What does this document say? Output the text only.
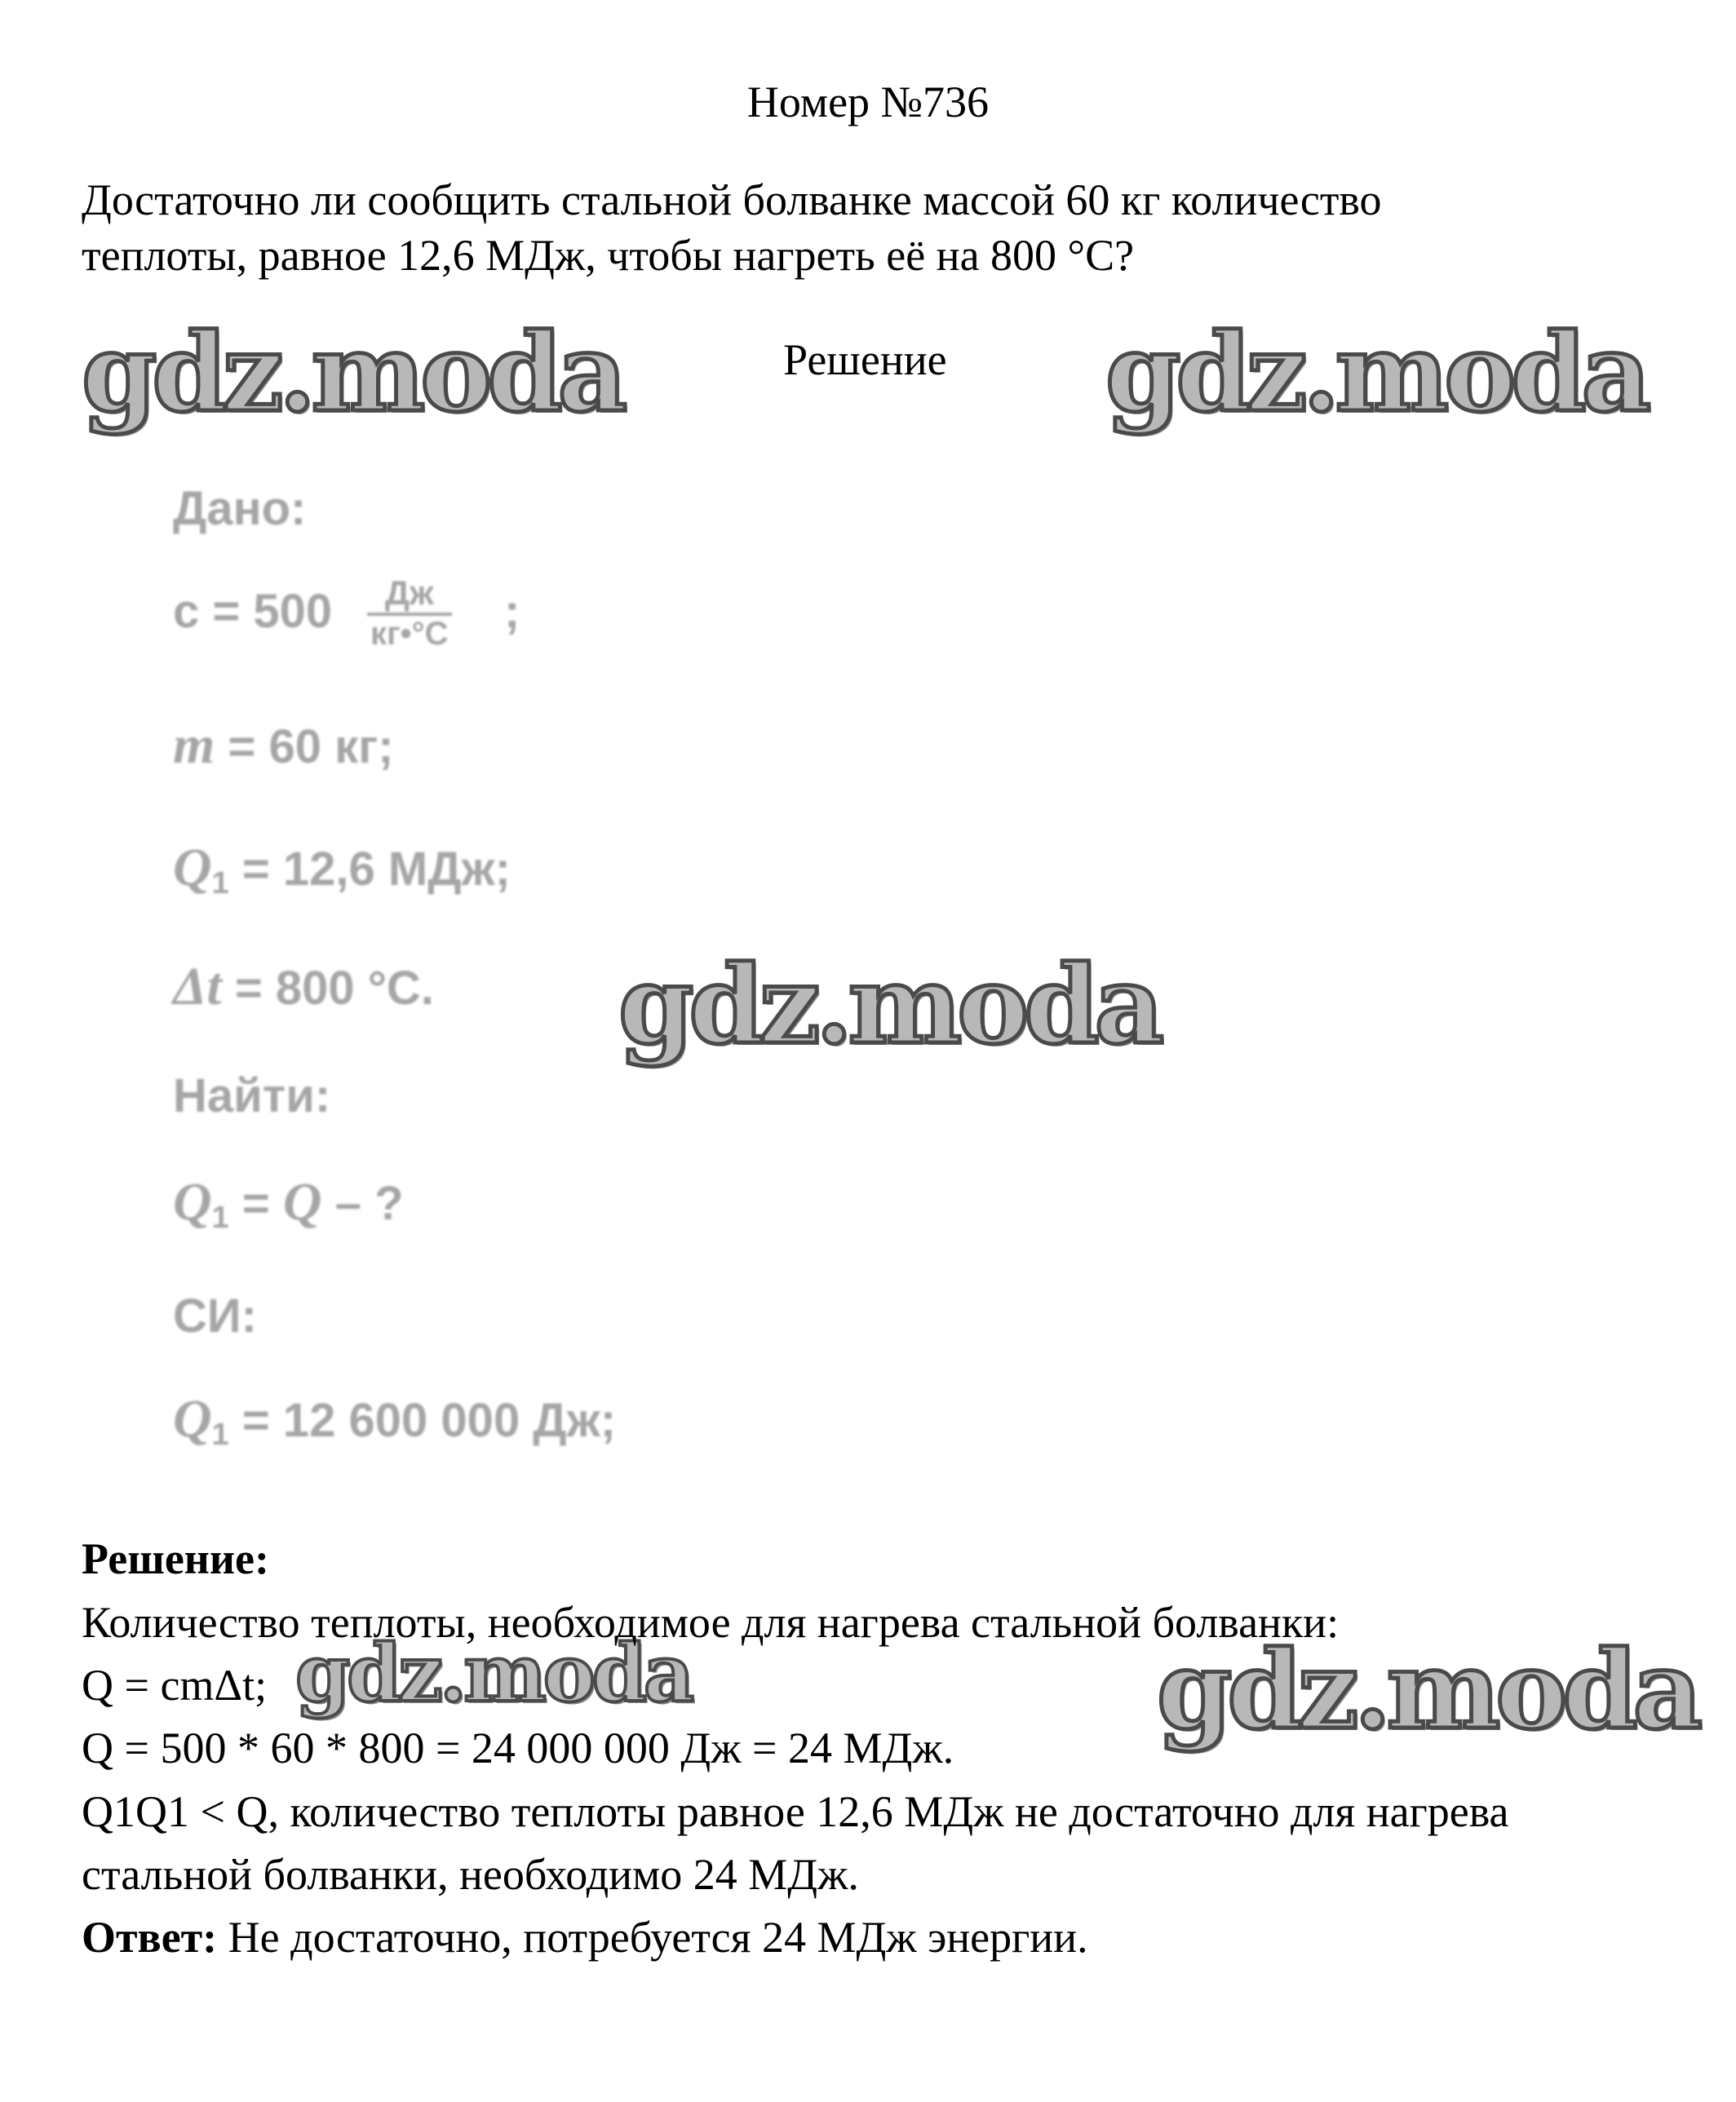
Номер №736
Достаточно ли сообщить стальной болванке массой 60 кг количество
теплоты, равное 12,6 МДж, чтобы нагреть её на 800 °С?
Решение
gdz.moda	gdz.moda
gdz.moda
gdz.moda	gdz.moda
Дано:
$c = 500 \frac{Дж}{кг•^\circ С}$ ;
m = 60 кг;
$Q_1 = 12,6$ МДж;
Δt = 800 °С.
Найти:
$Q_1 = Q$ – ?
СИ:
$Q_1 = 12$ 600 000 Дж;
Решение:
Количество теплоты, необходимое для нагрева стальной болванки:
Q = cmΔt;
Q = 500 * 60 * 800 = 24 000 000 Дж = 24 МДж.
Q1Q1 < Q, количество теплоты равное 12,6 МДж не достаточно для нагрева
стальной болванки, необходимо 24 МДж.
Ответ: Не достаточно, потребуется 24 МДж энергии.
